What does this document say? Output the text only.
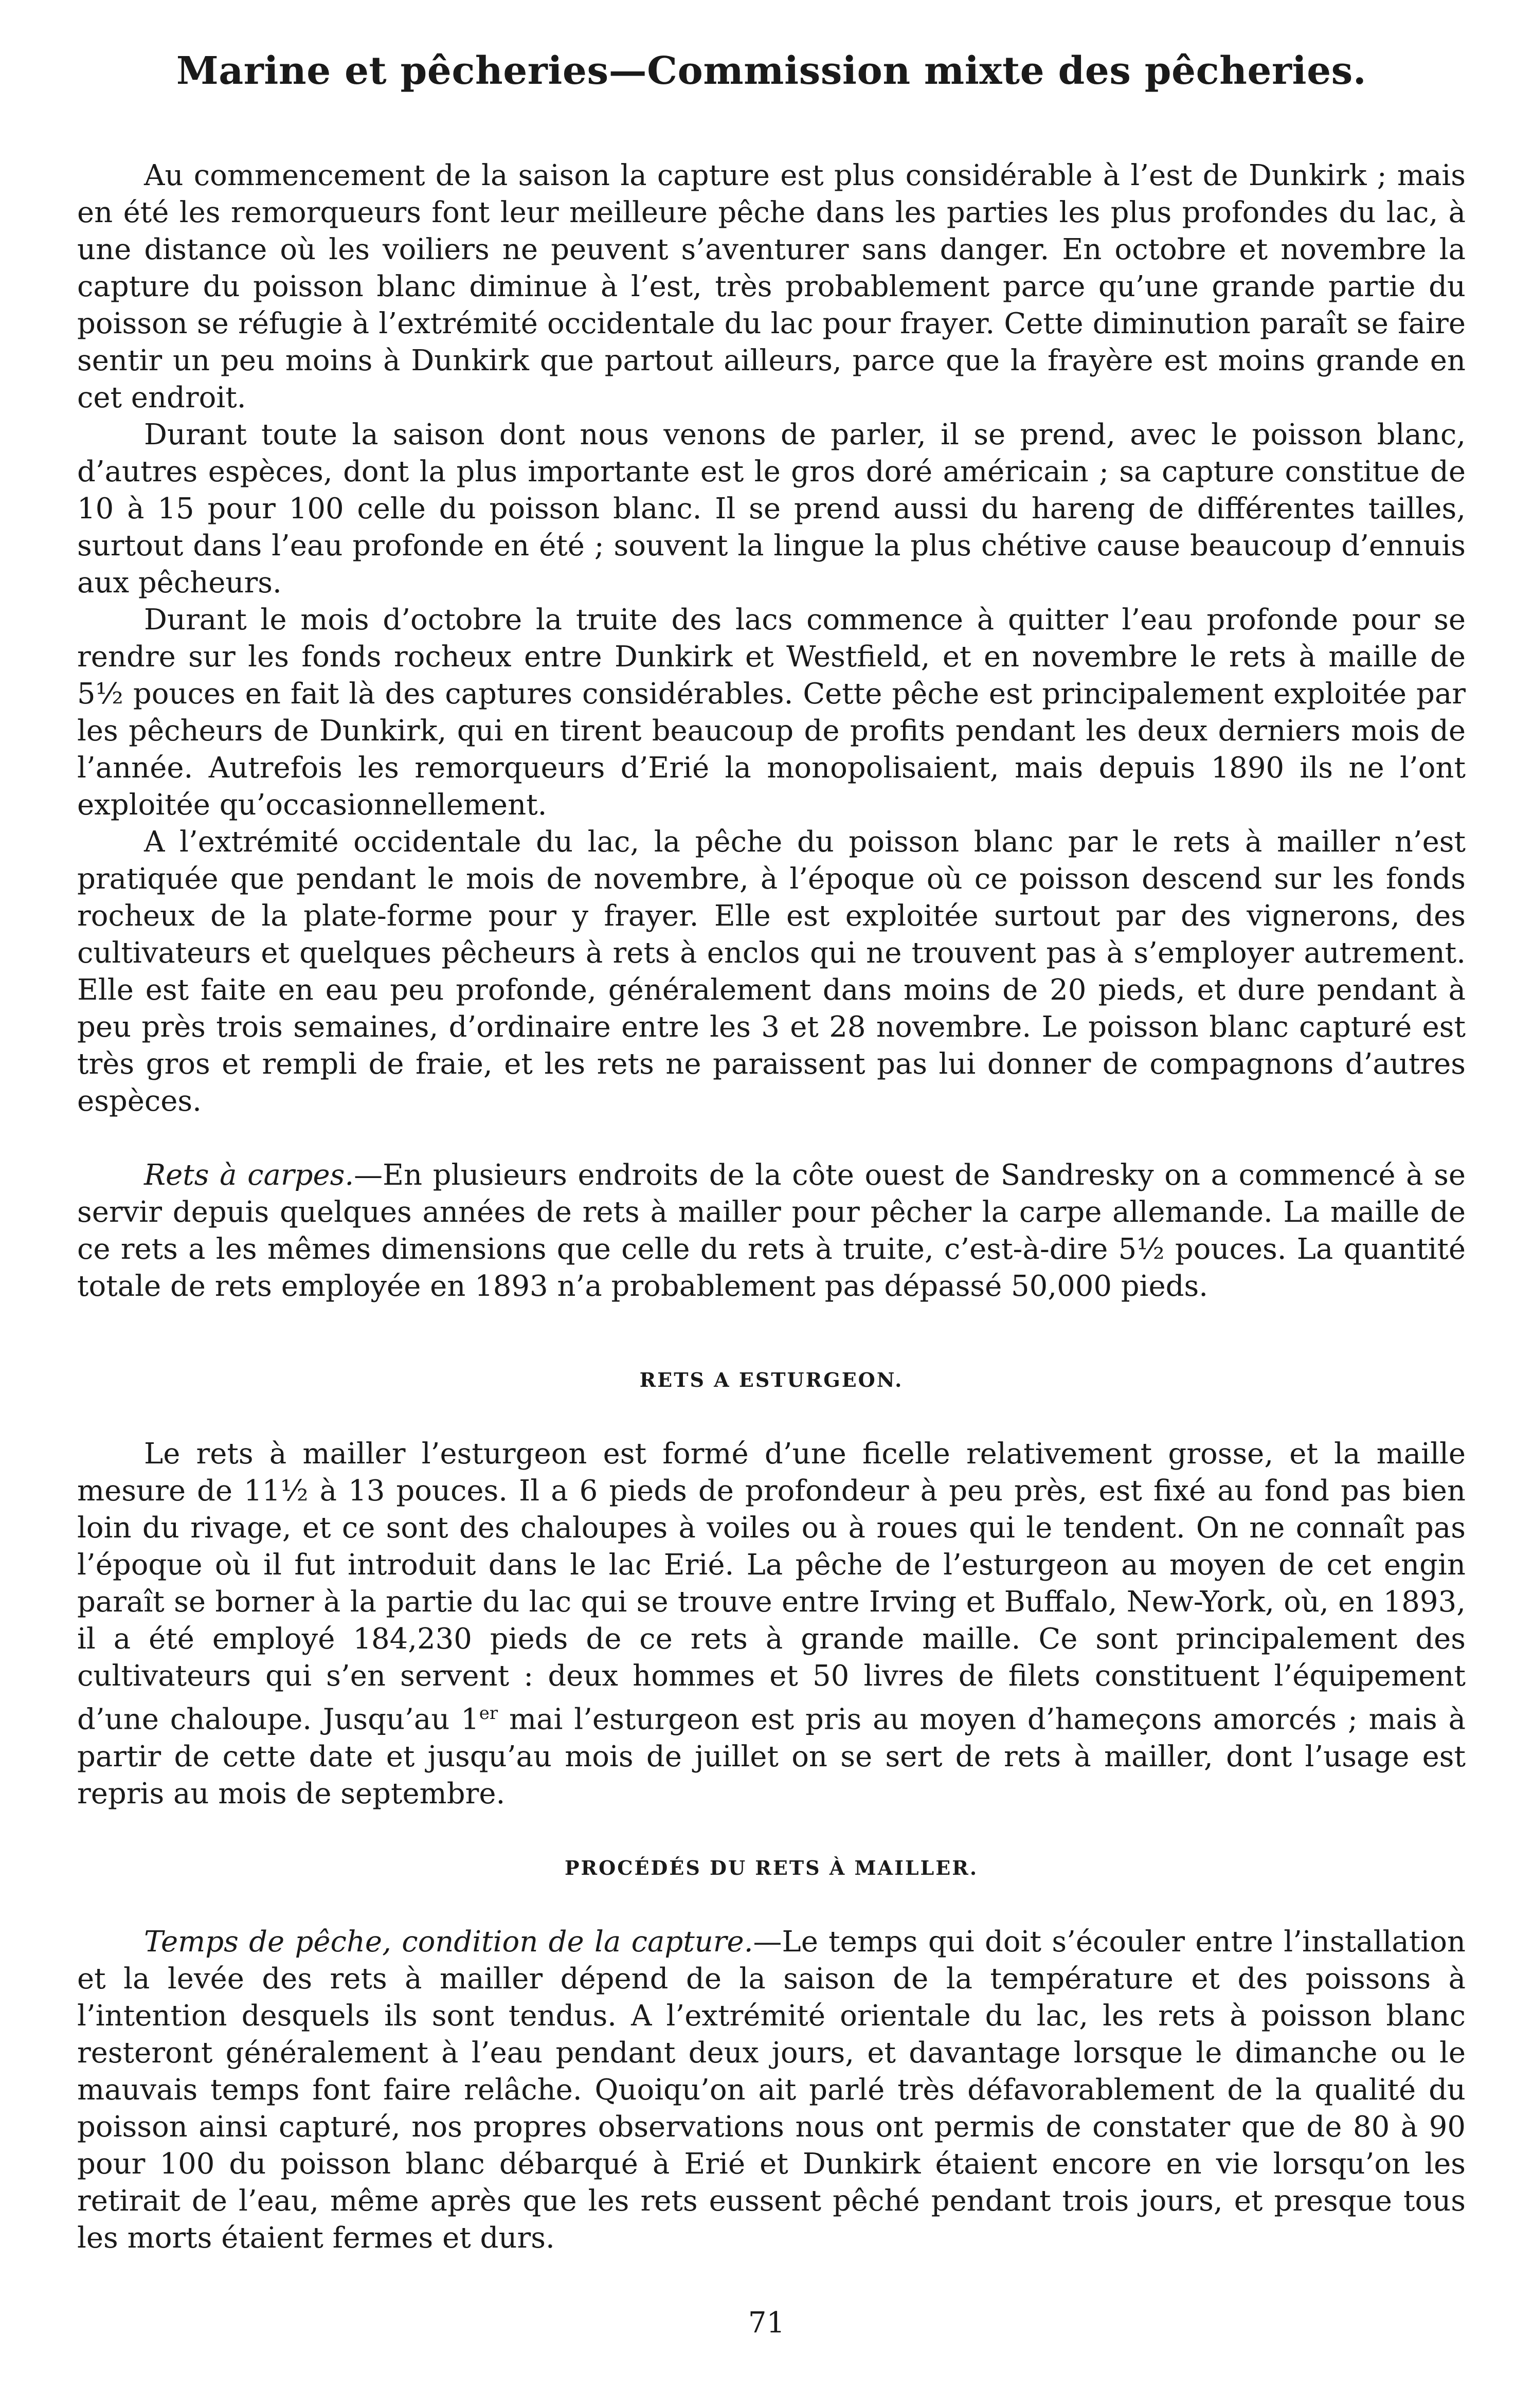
Marine et pêcheries—Commission mixte des pêcheries.

Au commencement de la saison la capture est plus considérable à l’est de Dunkirk ; mais en été les remorqueurs font leur meilleure pêche dans les parties les plus profondes du lac, à une distance où les voiliers ne peuvent s’aventurer sans danger. En octobre et novembre la capture du poisson blanc diminue à l’est, très probablement parce qu’une grande partie du poisson se réfugie à l’extrémité occidentale du lac pour frayer. Cette diminution paraît se faire sentir un peu moins à Dunkirk que partout ailleurs, parce que la frayère est moins grande en cet endroit.

Durant toute la saison dont nous venons de parler, il se prend, avec le poisson blanc, d’autres espèces, dont la plus importante est le gros doré américain ; sa capture constitue de 10 à 15 pour 100 celle du poisson blanc. Il se prend aussi du hareng de différentes tailles, surtout dans l’eau profonde en été ; souvent la lingue la plus chétive cause beaucoup d’ennuis aux pêcheurs.

Durant le mois d’octobre la truite des lacs commence à quitter l’eau profonde pour se rendre sur les fonds rocheux entre Dunkirk et Westfield, et en novembre le rets à maille de 5½ pouces en fait là des captures considérables. Cette pêche est principalement exploitée par les pêcheurs de Dunkirk, qui en tirent beaucoup de profits pendant les deux derniers mois de l’année. Autrefois les remorqueurs d’Erié la monopolisaient, mais depuis 1890 ils ne l’ont exploitée qu’occasionnellement.

A l’extrémité occidentale du lac, la pêche du poisson blanc par le rets à mailler n’est pratiquée que pendant le mois de novembre, à l’époque où ce poisson descend sur les fonds rocheux de la plate-forme pour y frayer. Elle est exploitée surtout par des vignerons, des cultivateurs et quelques pêcheurs à rets à enclos qui ne trouvent pas à s’employer autrement. Elle est faite en eau peu profonde, généralement dans moins de 20 pieds, et dure pendant à peu près trois semaines, d’ordinaire entre les 3 et 28 novembre. Le poisson blanc capturé est très gros et rempli de fraie, et les rets ne paraissent pas lui donner de compagnons d’autres espèces.

Rets à carpes.—En plusieurs endroits de la côte ouest de Sandresky on a commencé à se servir depuis quelques années de rets à mailler pour pêcher la carpe allemande. La maille de ce rets a les mêmes dimensions que celle du rets à truite, c’est-à-dire 5½ pouces. La quantité totale de rets employée en 1893 n’a probablement pas dépassé 50,000 pieds.

RETS A ESTURGEON.

Le rets à mailler l’esturgeon est formé d’une ficelle relativement grosse, et la maille mesure de 11½ à 13 pouces. Il a 6 pieds de profondeur à peu près, est fixé au fond pas bien loin du rivage, et ce sont des chaloupes à voiles ou à roues qui le tendent. On ne connaît pas l’époque où il fut introduit dans le lac Erié. La pêche de l’esturgeon au moyen de cet engin paraît se borner à la partie du lac qui se trouve entre Irving et Buffalo, New-York, où, en 1893, il a été employé 184,230 pieds de ce rets à grande maille. Ce sont principalement des cultivateurs qui s’en servent : deux hommes et 50 livres de filets constituent l’équipement d’une chaloupe. Jusqu’au 1er mai l’esturgeon est pris au moyen d’hameçons amorcés ; mais à partir de cette date et jusqu’au mois de juillet on se sert de rets à mailler, dont l’usage est repris au mois de septembre.

PROCÉDÉS DU RETS À MAILLER.

Temps de pêche, condition de la capture.—Le temps qui doit s’écouler entre l’installation et la levée des rets à mailler dépend de la saison de la température et des poissons à l’intention desquels ils sont tendus. A l’extrémité orientale du lac, les rets à poisson blanc resteront généralement à l’eau pendant deux jours, et davantage lorsque le dimanche ou le mauvais temps font faire relâche. Quoiqu’on ait parlé très défavorablement de la qualité du poisson ainsi capturé, nos propres observations nous ont permis de constater que de 80 à 90 pour 100 du poisson blanc débarqué à Erié et Dunkirk étaient encore en vie lorsqu’on les retirait de l’eau, même après que les rets eussent pêché pendant trois jours, et presque tous les morts étaient fermes et durs.

71
